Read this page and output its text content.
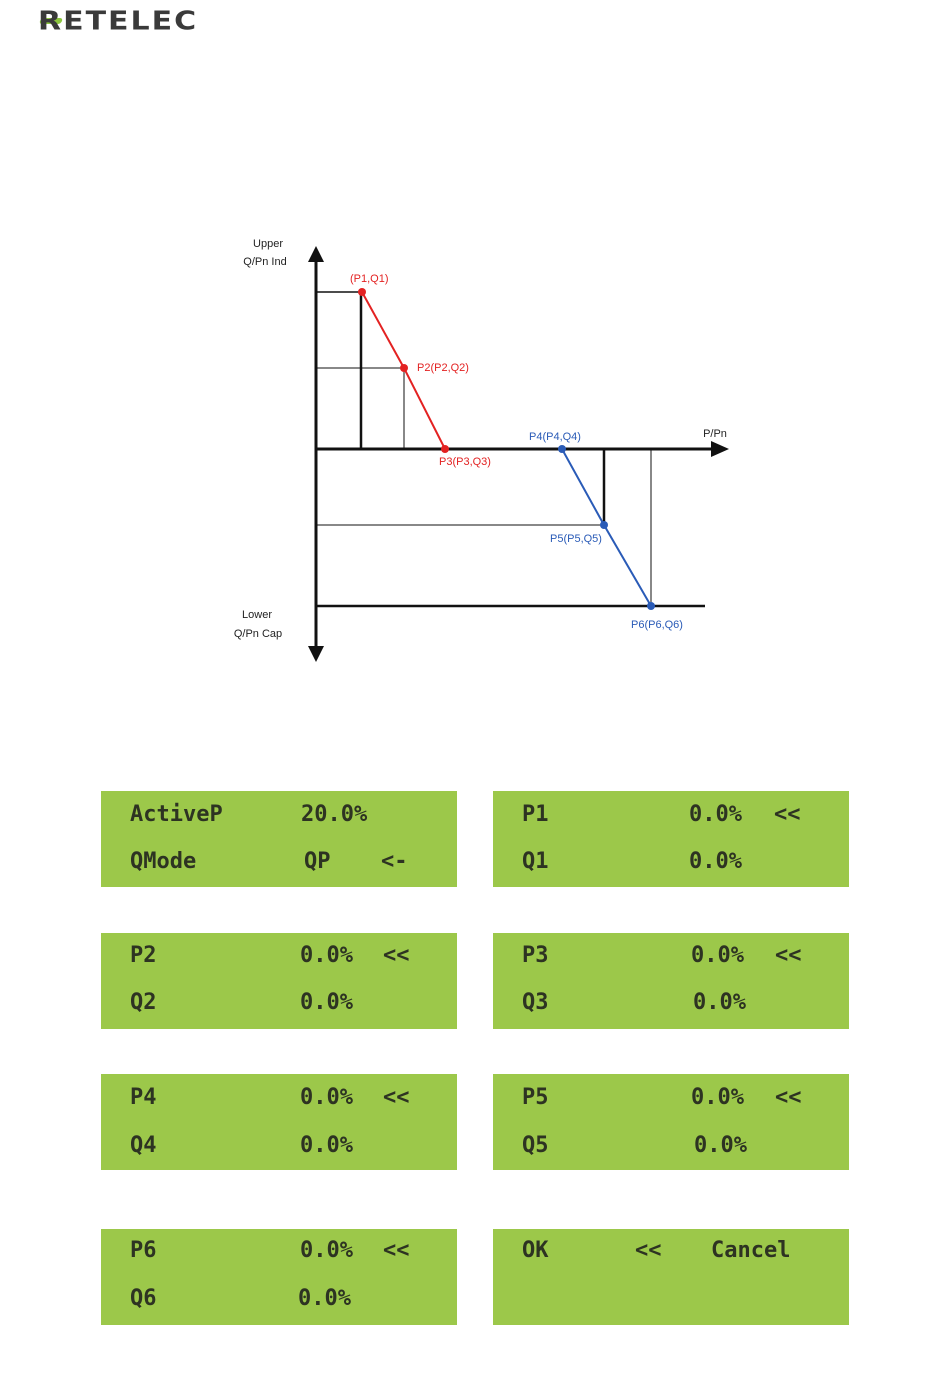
RETELEC
Upper
Q/Pn Ind
Lower
Q/Pn Cap
P/Pn
(P1,Q1)
P2(P2,Q2)
P3(P3,Q3)
P4(P4,Q4)
P5(P5,Q5)
P6(P6,Q6)
ActiveP	20.0%
QMode	QP <-
P1	0.0% <<
Q1	0.0%
P2	0.0% <<
Q2	0.0%
P3	0.0% <<
Q3	0.0%
P4	0.0% <<
Q4	0.0%
P5	0.0% <<
Q5	0.0%
P6	0.0% <<
Q6	0.0%
OK	<< Cancel
